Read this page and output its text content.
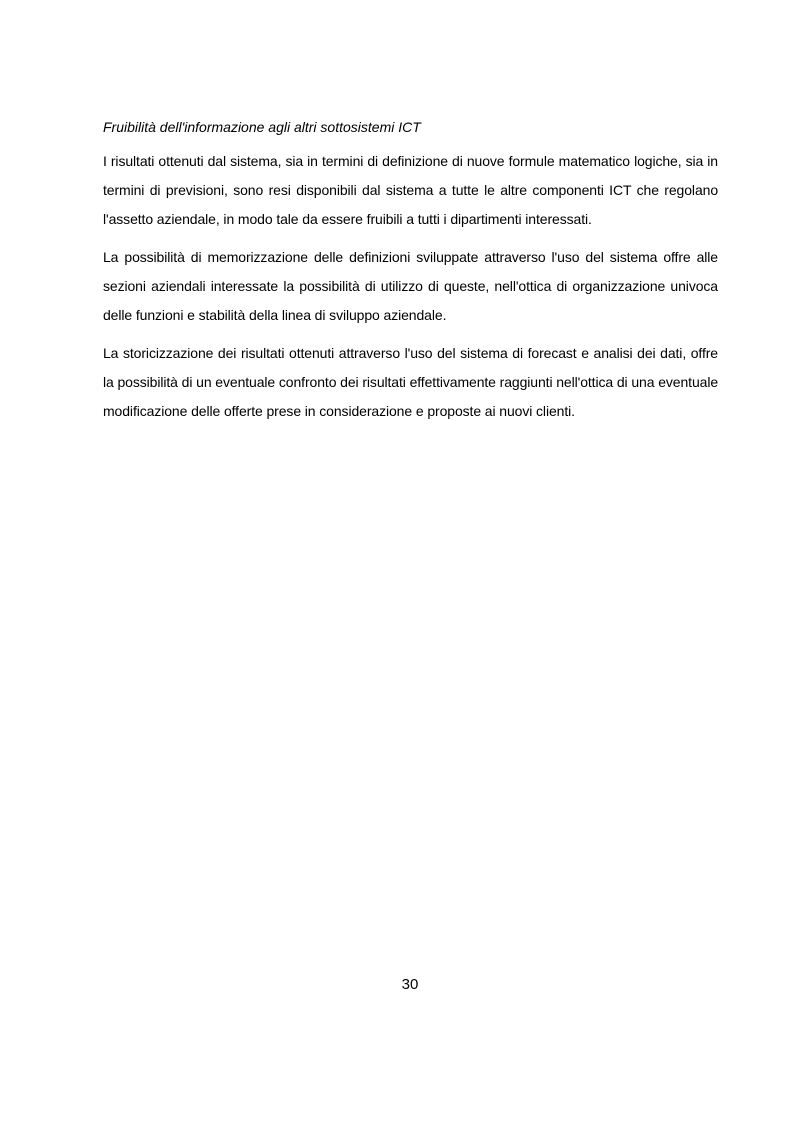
Fruibilità dell'informazione agli altri sottosistemi ICT

I risultati ottenuti dal sistema, sia in termini di definizione di nuove formule matematico logiche, sia in termini di previsioni, sono resi disponibili dal sistema a tutte le altre componenti ICT che regolano l'assetto aziendale, in modo tale da essere fruibili a tutti i dipartimenti interessati.

La possibilità di memorizzazione delle definizioni sviluppate attraverso l'uso del sistema offre alle sezioni aziendali interessate la possibilità di utilizzo di queste, nell'ottica di organizzazione univoca delle funzioni e stabilità della linea di sviluppo aziendale.

La storicizzazione dei risultati ottenuti attraverso l'uso del sistema di forecast e analisi dei dati, offre la possibilità di un eventuale confronto dei risultati effettivamente raggiunti nell'ottica di una eventuale modificazione delle offerte prese in considerazione e proposte ai nuovi clienti.

30
